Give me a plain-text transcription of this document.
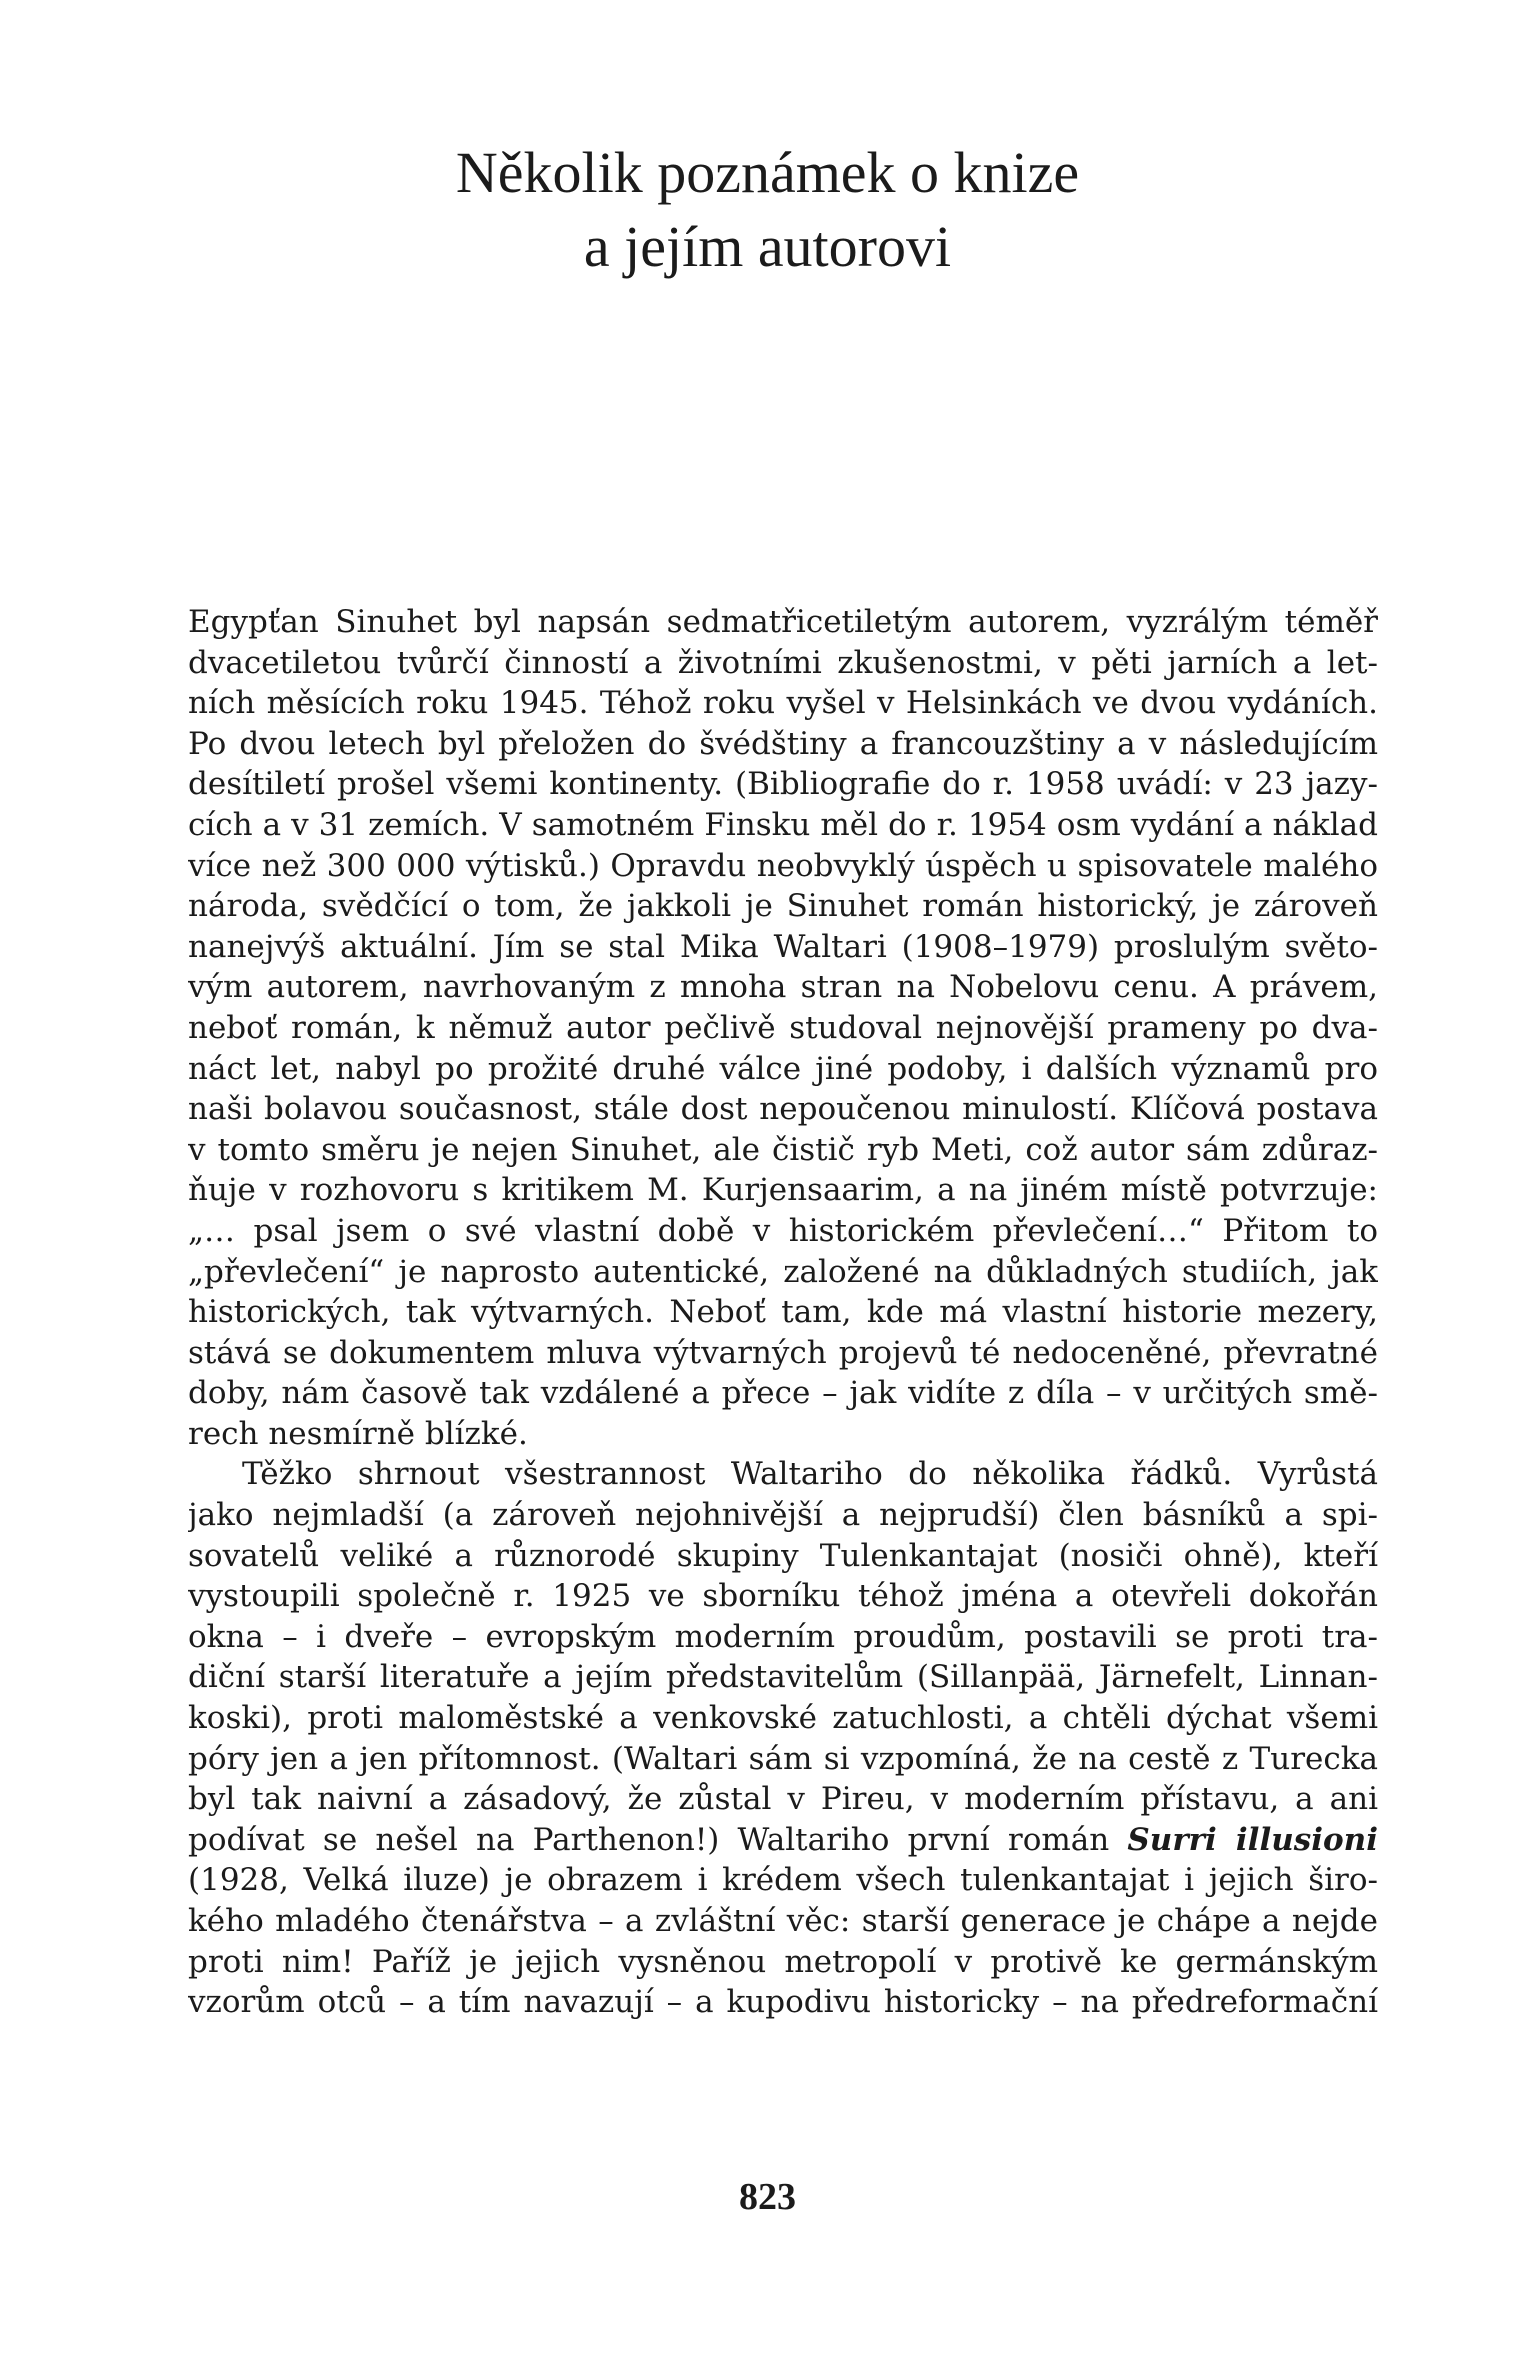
Několik poznámek o knize
a jejím autorovi
Egypťan Sinuhet byl napsán sedmatřicetiletým autorem, vyzrálým téměř
dvacetiletou tvůrčí činností a životními zkušenostmi, v pěti jarních a let-
ních měsících roku 1945. Téhož roku vyšel v Helsinkách ve dvou vydáních.
Po dvou letech byl přeložen do švédštiny a francouzštiny a v následujícím
desítiletí prošel všemi kontinenty. (Bibliografie do r. 1958 uvádí: v 23 jazy-
cích a v 31 zemích. V samotném Finsku měl do r. 1954 osm vydání a náklad
více než 300 000 výtisků.) Opravdu neobvyklý úspěch u spisovatele malého
národa, svědčící o tom, že jakkoli je Sinuhet román historický, je zároveň
nanejvýš aktuální. Jím se stal Mika Waltari (1908–1979) proslulým světo-
vým autorem, navrhovaným z mnoha stran na Nobelovu cenu. A právem,
neboť román, k němuž autor pečlivě studoval nejnovější prameny po dva-
náct let, nabyl po prožité druhé válce jiné podoby, i dalších významů pro
naši bolavou současnost, stále dost nepoučenou minulostí. Klíčová postava
v tomto směru je nejen Sinuhet, ale čistič ryb Meti, což autor sám zdůraz-
ňuje v rozhovoru s kritikem M. Kurjensaarim, a na jiném místě potvrzuje:
„… psal jsem o své vlastní době v historickém převlečení…“ Přitom to
„převlečení“ je naprosto autentické, založené na důkladných studiích, jak
historických, tak výtvarných. Neboť tam, kde má vlastní historie mezery,
stává se dokumentem mluva výtvarných projevů té nedoceněné, převratné
doby, nám časově tak vzdálené a přece – jak vidíte z díla – v určitých smě-
rech nesmírně blízké.
Těžko shrnout všestrannost Waltariho do několika řádků. Vyrůstá
jako nejmladší (a zároveň nejohnivější a nejprudší) člen básníků a spi-
sovatelů veliké a různorodé skupiny Tulenkantajat (nosiči ohně), kteří
vystoupili společně r. 1925 ve sborníku téhož jména a otevřeli dokořán
okna – i dveře – evropským moderním proudům, postavili se proti tra-
diční starší literatuře a jejím představitelům (Sillanpää, Järnefelt, Linnan-
koski), proti maloměstské a venkovské zatuchlosti, a chtěli dýchat všemi
póry jen a jen přítomnost. (Waltari sám si vzpomíná, že na cestě z Turecka
byl tak naivní a zásadový, že zůstal v Pireu, v moderním přístavu, a ani
podívat se nešel na Parthenon!) Waltariho první román Surri illusioni
(1928, Velká iluze) je obrazem i krédem všech tulenkantajat i jejich širo-
kého mladého čtenářstva – a zvláštní věc: starší generace je chápe a nejde
proti nim! Paříž je jejich vysněnou metropolí v protivě ke germánským
vzorům otců – a tím navazují – a kupodivu historicky – na předreformační
823
